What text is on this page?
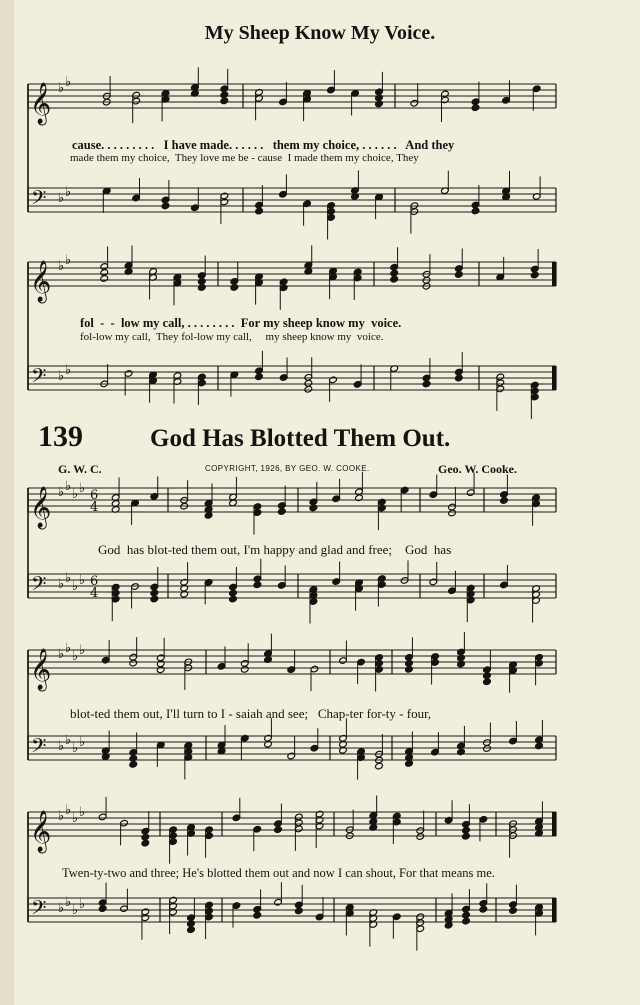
My Sheep Know My Voice.
139	God Has Blotted Them Out.
G. W. C.	COPYRIGHT, 1926, BY GEO. W. COOKE.	Geo. W. Cooke.
cause. . . . . . . . .   I have made. . . . . .   them my choice, . . . . . .   And they
made them my choice,  They love me be - cause  I made them my choice, They
fol  -  -  low my call, . . . . . . . .  For my sheep know my  voice.
fol-low my call,  They fol-low my call,     my sheep know my  voice.
God  has blot-ted them out, I'm happy and glad and free;    God  has
blot-ted them out, I'll turn to I - saiah and see;   Chap-ter for-ty - four,
Twen-ty-two and three; He's blotted them out and now I can shout, For that means me.
𝄞 ♭ ♭
𝄢 ♭ ♭
𝄞 ♭ ♭
𝄢 ♭ ♭
𝄞 ♭ ♭
♭ ♭ 6
4
𝄢 ♭ ♭
♭ ♭ 6
4
𝄞 ♭ ♭
♭ ♭
𝄢 ♭ ♭
♭ ♭
𝄞 ♭ ♭
♭ ♭
𝄢 ♭ ♭
♭ ♭
